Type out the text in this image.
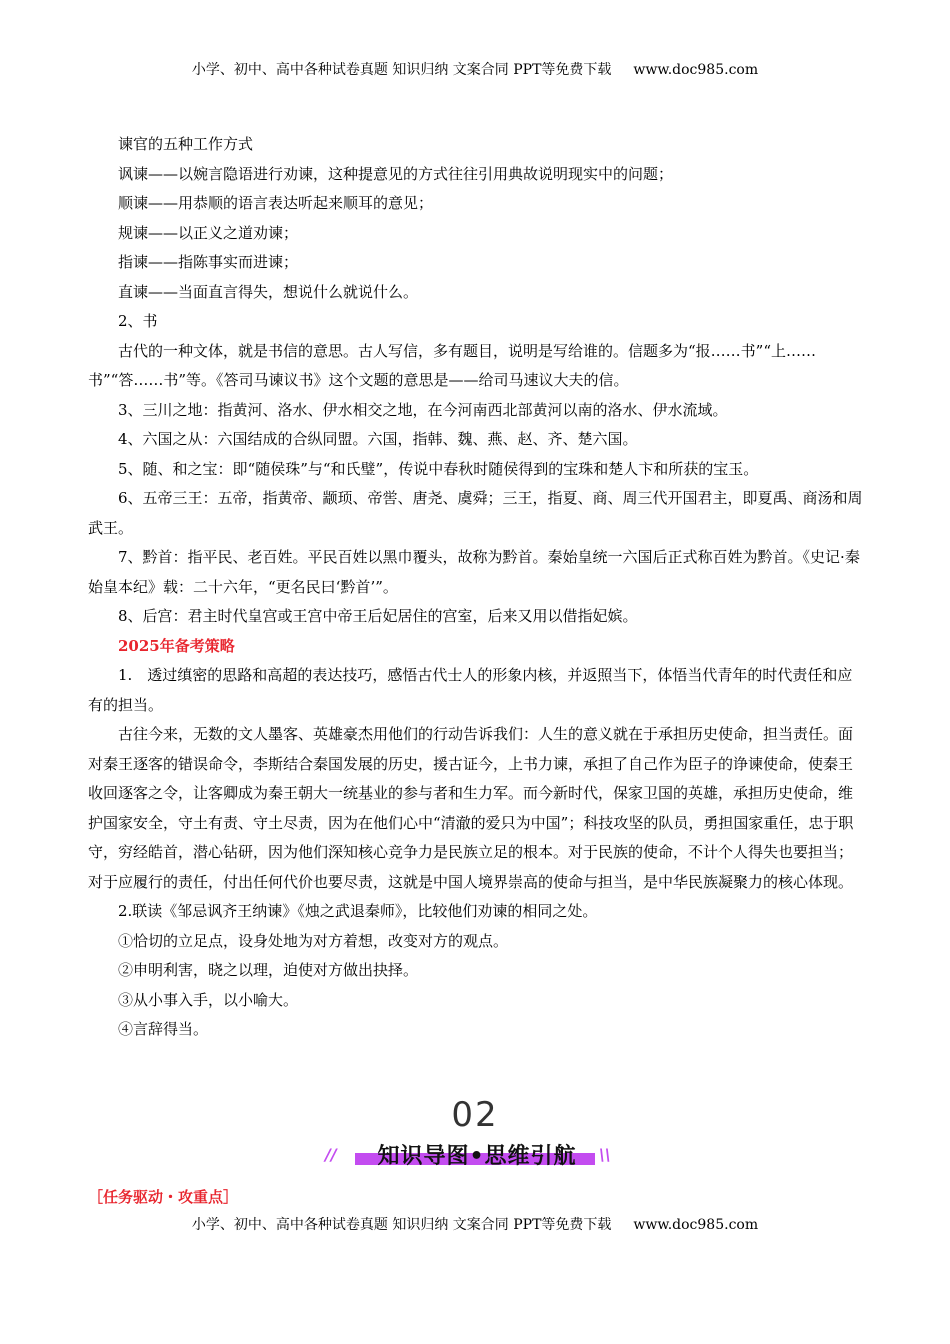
小学、初中、高中各种试卷真题 知识归纳 文案合同 PPT等免费下载 www.doc985.com

谏官的五种工作方式

讽谏——以婉言隐语进行劝谏，这种提意见的方式往往引用典故说明现实中的问题；

顺谏——用恭顺的语言表达听起来顺耳的意见；

规谏——以正义之道劝谏；

指谏——指陈事实而进谏；

直谏——当面直言得失，想说什么就说什么。

2、书

古代的一种文体，就是书信的意思。古人写信，多有题目，说明是写给谁的。信题多为“报……书”“上……书”“答……书”等。《答司马谏议书》这个文题的意思是——给司马速议大夫的信。

3、三川之地：指黄河、洛水、伊水相交之地，在今河南西北部黄河以南的洛水、伊水流域。

4、六国之从：六国结成的合纵同盟。六国，指韩、魏、燕、赵、齐、楚六国。

5、随、和之宝：即“随侯珠”与“和氏璧”，传说中春秋时随侯得到的宝珠和楚人卞和所获的宝玉。

6、五帝三王：五帝，指黄帝、颛顼、帝喾、唐尧、虞舜；三王，指夏、商、周三代开国君主，即夏禹、商汤和周武王。

7、黔首：指平民、老百姓。平民百姓以黑巾覆头，故称为黔首。秦始皇统一六国后正式称百姓为黔首。《史记·秦始皇本纪》载：二十六年，“更名民曰‘黔首’”。

8、后宫：君主时代皇宫或王宫中帝王后妃居住的宫室，后来又用以借指妃嫔。

2025年备考策略

1.　透过缜密的思路和高超的表达技巧，感悟古代士人的形象内核，并返照当下，体悟当代青年的时代责任和应有的担当。

古往今来，无数的文人墨客、英雄豪杰用他们的行动告诉我们：人生的意义就在于承担历史使命，担当责任。面对秦王逐客的错误命令，李斯结合秦国发展的历史，援古证今，上书力谏，承担了自己作为臣子的诤谏使命，使秦王收回逐客之令，让客卿成为秦王朝大一统基业的参与者和生力军。而今新时代，保家卫国的英雄，承担历史使命，维护国家安全，守土有责、守土尽责，因为在他们心中“清澈的爱只为中国”；科技攻坚的队员，勇担国家重任，忠于职守，穷经皓首，潜心钻研，因为他们深知核心竞争力是民族立足的根本。对于民族的使命，不计个人得失也要担当；对于应履行的责任，付出任何代价也要尽责，这就是中国人境界崇高的使命与担当，是中华民族凝聚力的核心体现。

2.联读《邹忌讽齐王纳谏》《烛之武退秦师》，比较他们劝谏的相同之处。

①恰切的立足点，设身处地为对方着想，改变对方的观点。

②申明利害，晓之以理，迫使对方做出抉择。

③从小事入手，以小喻大。

④言辞得当。

02
知识导图•思维引航
//	\\
［任务驱动・攻重点］
小学、初中、高中各种试卷真题 知识归纳 文案合同 PPT等免费下载 www.doc985.com
